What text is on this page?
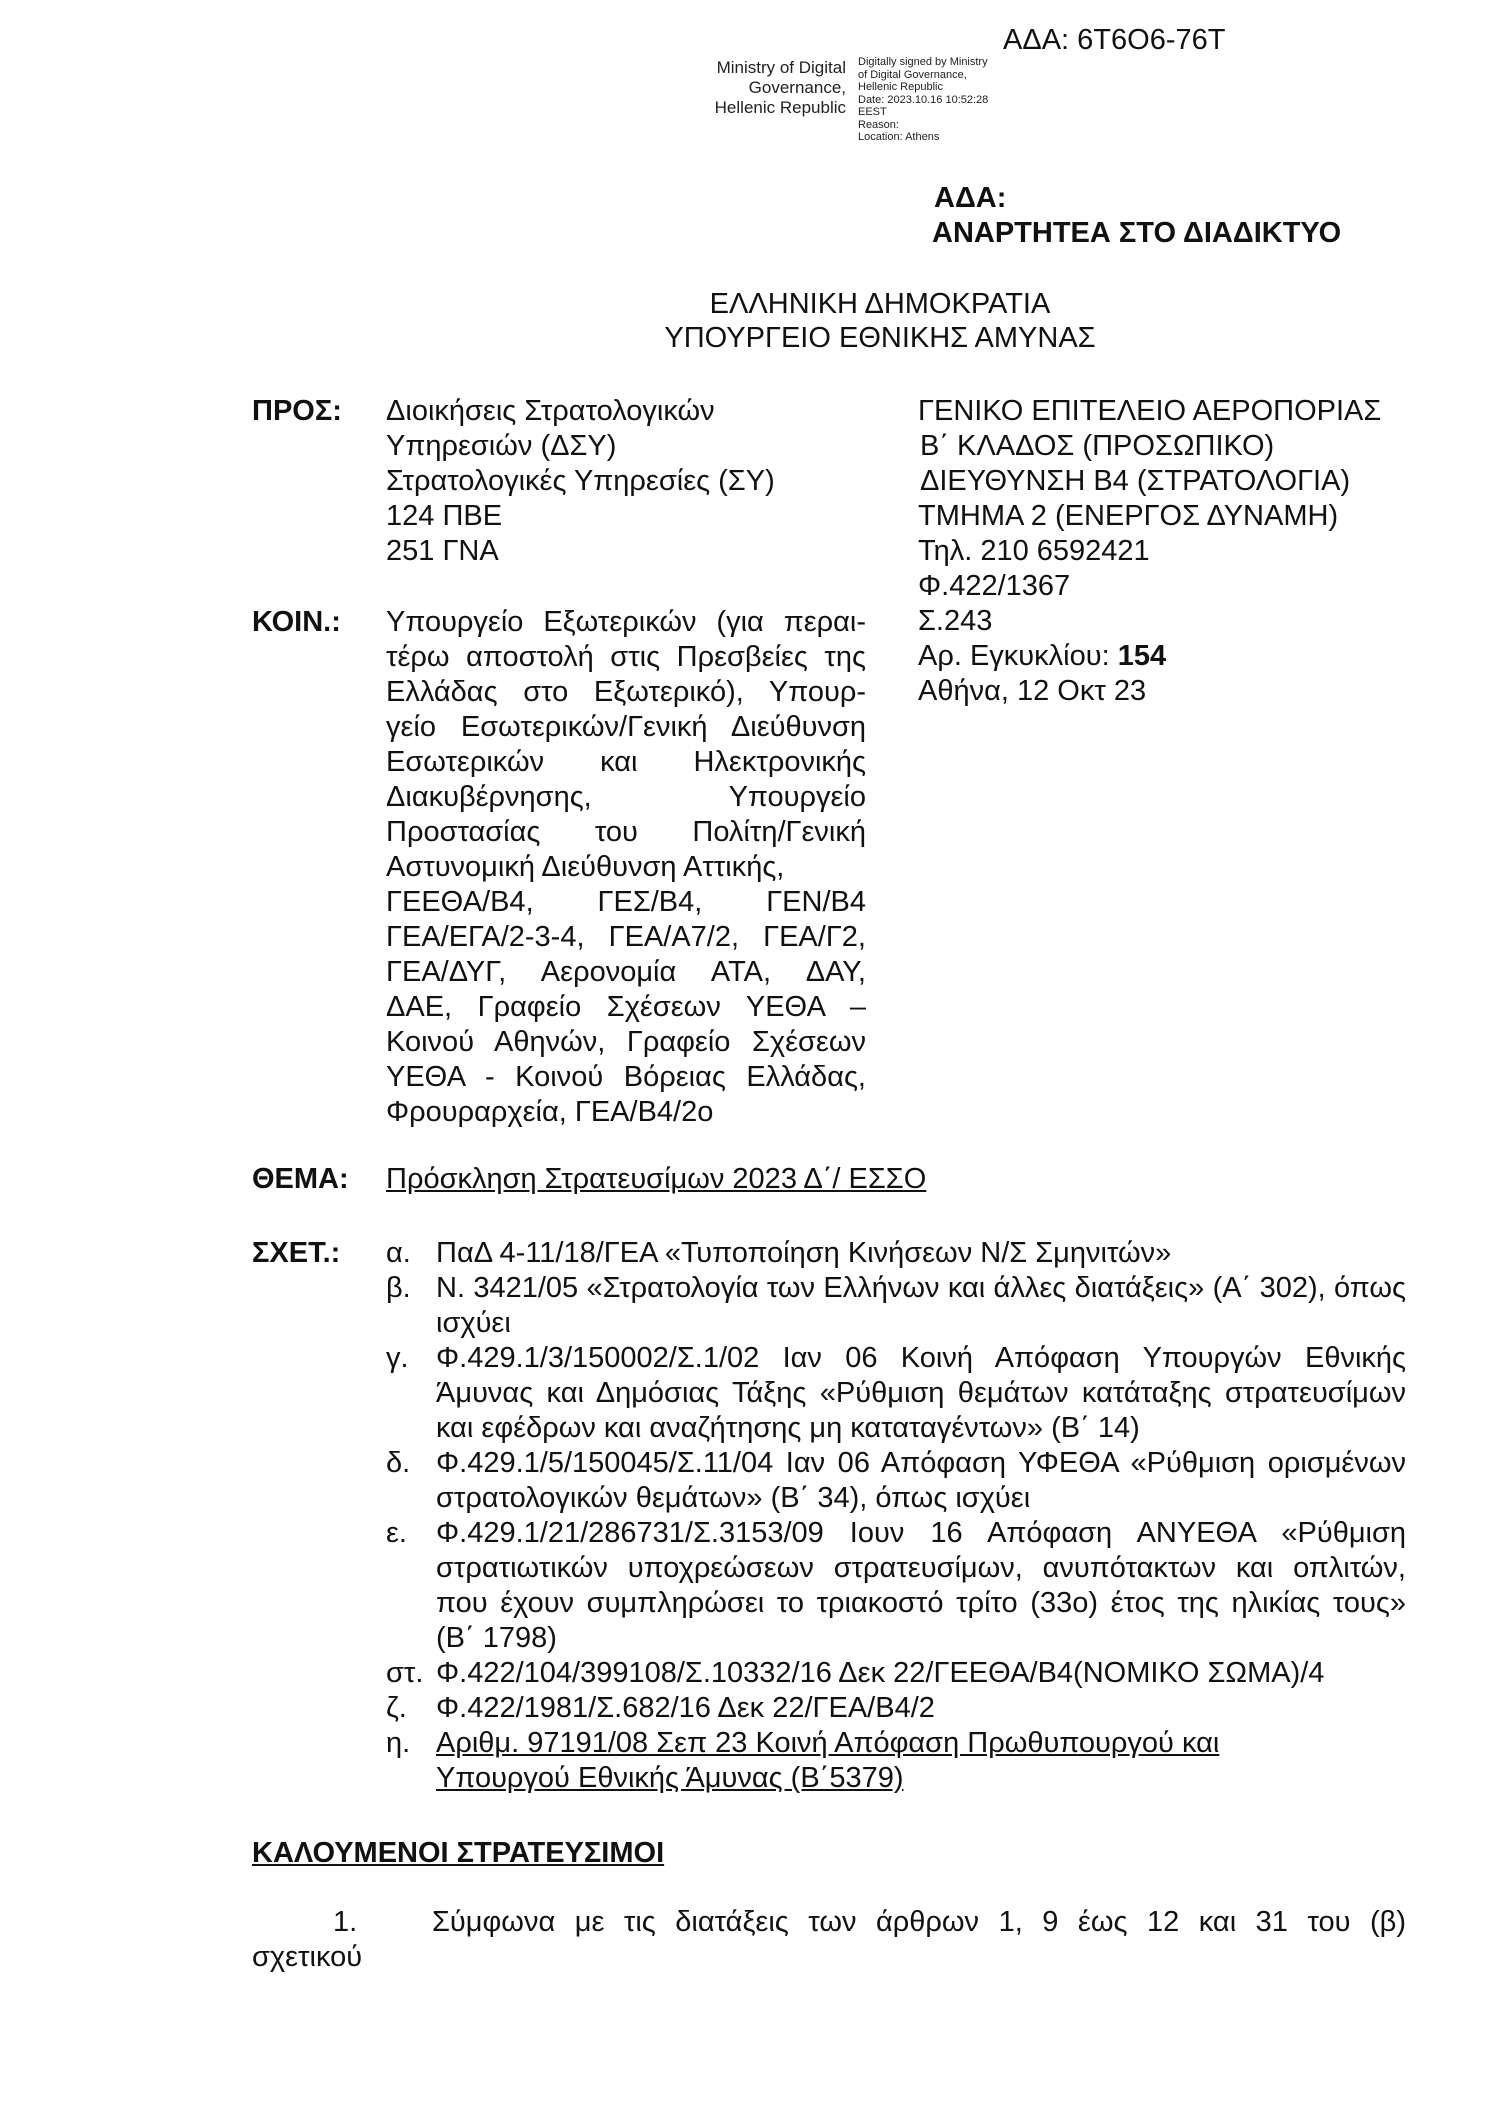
ΑΔΑ: 6Τ6Ο6-76Τ
Ministry of Digital
Governance,
Hellenic Republic
Digitally signed by Ministry
of Digital Governance,
Hellenic Republic
Date: 2023.10.16 10:52:28
EEST
Reason:
Location: Athens
ΑΔΑ:
ΑΝΑΡΤΗΤΕΑ ΣΤΟ ΔΙΑΔΙΚΤΥΟ
ΕΛΛΗΝΙΚΗ ΔΗΜΟΚΡΑΤΙΑ
ΥΠΟΥΡΓΕΙΟ ΕΘΝΙΚΗΣ ΑΜΥΝΑΣ
ΠΡΟΣ: Διοικήσεις Στρατολογικών
Υπηρεσιών (ΔΣΥ)
Στρατολογικές Υπηρεσίες (ΣΥ)
124 ΠΒΕ
251 ΓΝΑ
ΚΟΙΝ.: Υπουργείο Εξωτερικών (για περαι-
τέρω αποστολή στις Πρεσβείες της
Ελλάδας στο Εξωτερικό), Υπουρ-
γείο Εσωτερικών/Γενική Διεύθυνση
Εσωτερικών και Ηλεκτρονικής
Διακυβέρνησης, Υπουργείο
Προστασίας του Πολίτη/Γενική
Αστυνομική Διεύθυνση Αττικής,
ΓΕΕΘΑ/Β4, ΓΕΣ/Β4, ΓΕΝ/Β4
ΓΕΑ/ΕΓΑ/2-3-4, ΓΕΑ/Α7/2, ΓΕΑ/Γ2,
ΓΕΑ/ΔΥΓ, Αερονομία ΑΤΑ, ΔΑΥ,
ΔΑΕ, Γραφείο Σχέσεων ΥΕΘΑ –
Κοινού Αθηνών, Γραφείο Σχέσεων
ΥΕΘΑ - Κοινού Βόρειας Ελλάδας,
Φρουραρχεία, ΓΕΑ/Β4/2ο
ΓΕΝΙΚΟ ΕΠΙΤΕΛΕΙΟ ΑΕΡΟΠΟΡΙΑΣ
Β΄ ΚΛΑΔΟΣ (ΠΡΟΣΩΠΙΚΟ)
ΔΙΕΥΘΥΝΣΗ Β4 (ΣΤΡΑΤΟΛΟΓΙΑ)
ΤΜΗΜΑ 2 (ΕΝΕΡΓΟΣ ΔΥΝΑΜΗ)
Τηλ. 210 6592421
Φ.422/1367
Σ.243
Αρ. Εγκυκλίου: 154
Αθήνα, 12 Οκτ 23
ΘΕΜΑ: Πρόσκληση Στρατευσίμων 2023 Δ΄/ ΕΣΣΟ
ΣΧΕΤ.: α. ΠαΔ 4-11/18/ΓΕΑ «Τυποποίηση Κινήσεων Ν/Σ Σμηνιτών»
β. Ν. 3421/05 «Στρατολογία των Ελλήνων και άλλες διατάξεις» (Α΄ 302), όπως ισχύει
γ. Φ.429.1/3/150002/Σ.1/02 Ιαν 06 Κοινή Απόφαση Υπουργών Εθνικής Άμυνας και Δημόσιας Τάξης «Ρύθμιση θεμάτων κατάταξης στρατευσίμων και εφέδρων και αναζήτησης μη καταταγέντων» (Β΄ 14)
δ. Φ.429.1/5/150045/Σ.11/04 Ιαν 06 Απόφαση ΥΦΕΘΑ «Ρύθμιση ορισμένων στρατολογικών θεμάτων» (Β΄ 34), όπως ισχύει
ε. Φ.429.1/21/286731/Σ.3153/09 Ιουν 16 Απόφαση ΑΝΥΕΘΑ «Ρύθμιση στρατιωτικών υποχρεώσεων στρατευσίμων, ανυπότακτων και οπλιτών, που έχουν συμπληρώσει το τριακοστό τρίτο (33ο) έτος της ηλικίας τους» (Β΄ 1798)
στ. Φ.422/104/399108/Σ.10332/16 Δεκ 22/ΓΕΕΘΑ/Β4(ΝΟΜΙΚΟ ΣΩΜΑ)/4
ζ. Φ.422/1981/Σ.682/16 Δεκ 22/ΓΕΑ/Β4/2
η. Αριθμ. 97191/08 Σεπ 23 Κοινή Απόφαση Πρωθυπουργού και Υπουργού Εθνικής Άμυνας (Β΄5379)
ΚΑΛΟΥΜΕΝΟΙ ΣΤΡΑΤΕΥΣΙΜΟΙ
1.	Σύμφωνα με τις διατάξεις των άρθρων 1, 9 έως 12 και 31 του (β)
σχετικού
